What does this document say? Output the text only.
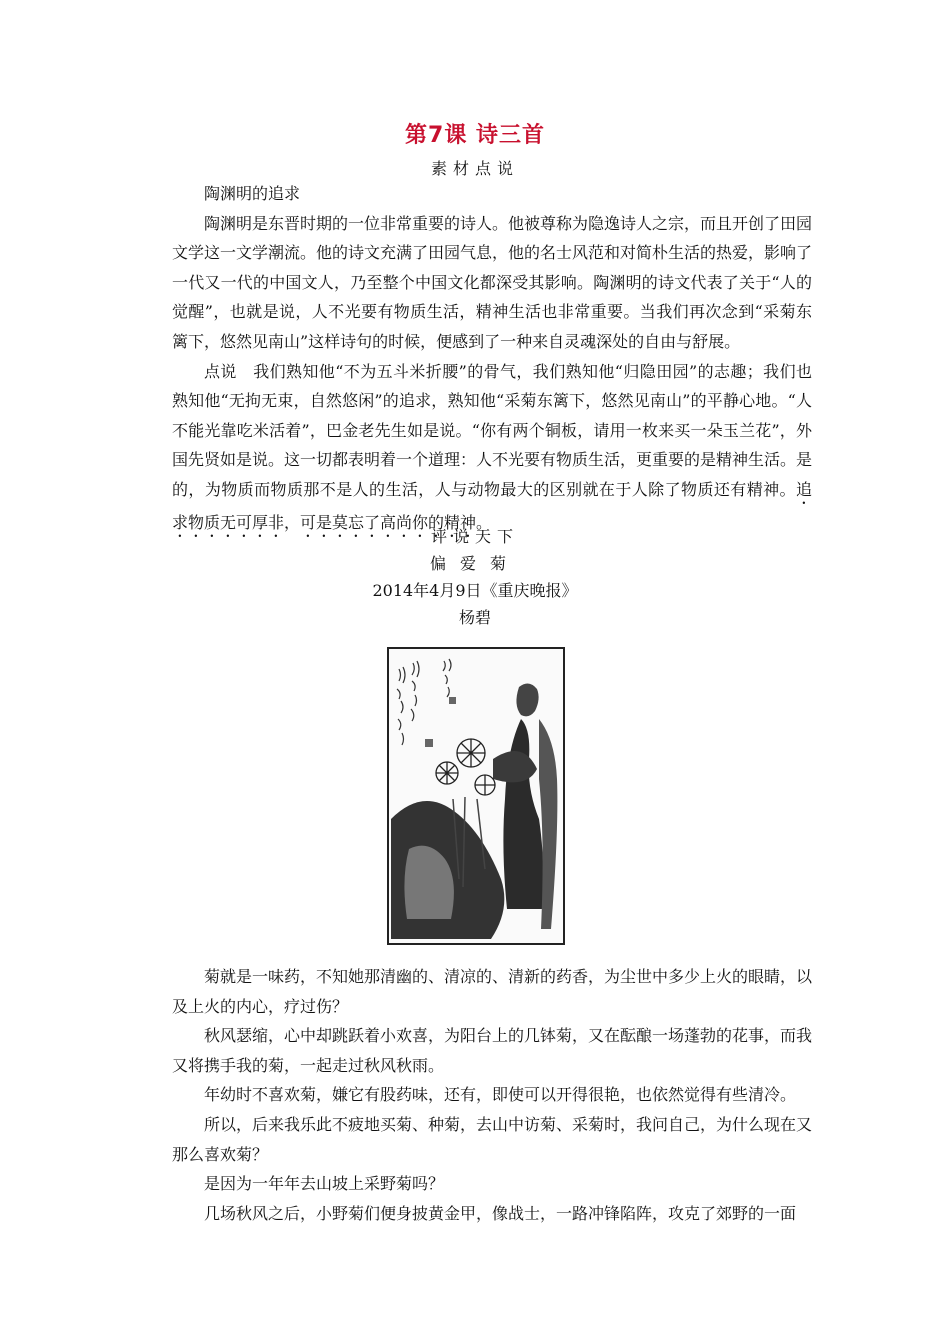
第7课 诗三首
素材点说

陶渊明的追求

陶渊明是东晋时期的一位非常重要的诗人。他被尊称为隐逸诗人之宗，而且开创了田园文学这一文学潮流。他的诗文充满了田园气息，他的名士风范和对简朴生活的热爱，影响了一代又一代的中国文人，乃至整个中国文化都深受其影响。陶渊明的诗文代表了关于“人的觉醒”，也就是说，人不光要有物质生活，精神生活也非常重要。当我们再次念到“采菊东篱下，悠然见南山”这样诗句的时候，便感到了一种来自灵魂深处的自由与舒展。

点说　我们熟知他“不为五斗米折腰”的骨气，我们熟知他“归隐田园”的志趣；我们也熟知他“无拘无束，自然悠闲”的追求，熟知他“采菊东篱下，悠然见南山”的平静心地。“人不能光靠吃米活着”，巴金老先生如是说。“你有两个铜板，请用一枚来买一朵玉兰花”，外国先贤如是说。这一切都表明着一个道理：人不光要有物质生活，更重要的是精神生活。是的，为物质而物质那不是人的生活，人与动物最大的区别就在于人除了物质还有精神。追求物质无可厚非，可是莫忘了高尚你的精神。

评说天下
偏爱菊
2014年4月9日《重庆晚报》
杨碧

菊就是一味药，不知她那清幽的、清凉的、清新的药香，为尘世中多少上火的眼睛，以及上火的内心，疗过伤？

秋风瑟缩，心中却跳跃着小欢喜，为阳台上的几钵菊，又在酝酿一场蓬勃的花事，而我又将携手我的菊，一起走过秋风秋雨。

年幼时不喜欢菊，嫌它有股药味，还有，即使可以开得很艳，也依然觉得有些清冷。

所以，后来我乐此不疲地买菊、种菊，去山中访菊、采菊时，我问自己，为什么现在又那么喜欢菊？

是因为一年年去山坡上采野菊吗？

几场秋风之后，小野菊们便身披黄金甲，像战士，一路冲锋陷阵，攻克了郊野的一面
